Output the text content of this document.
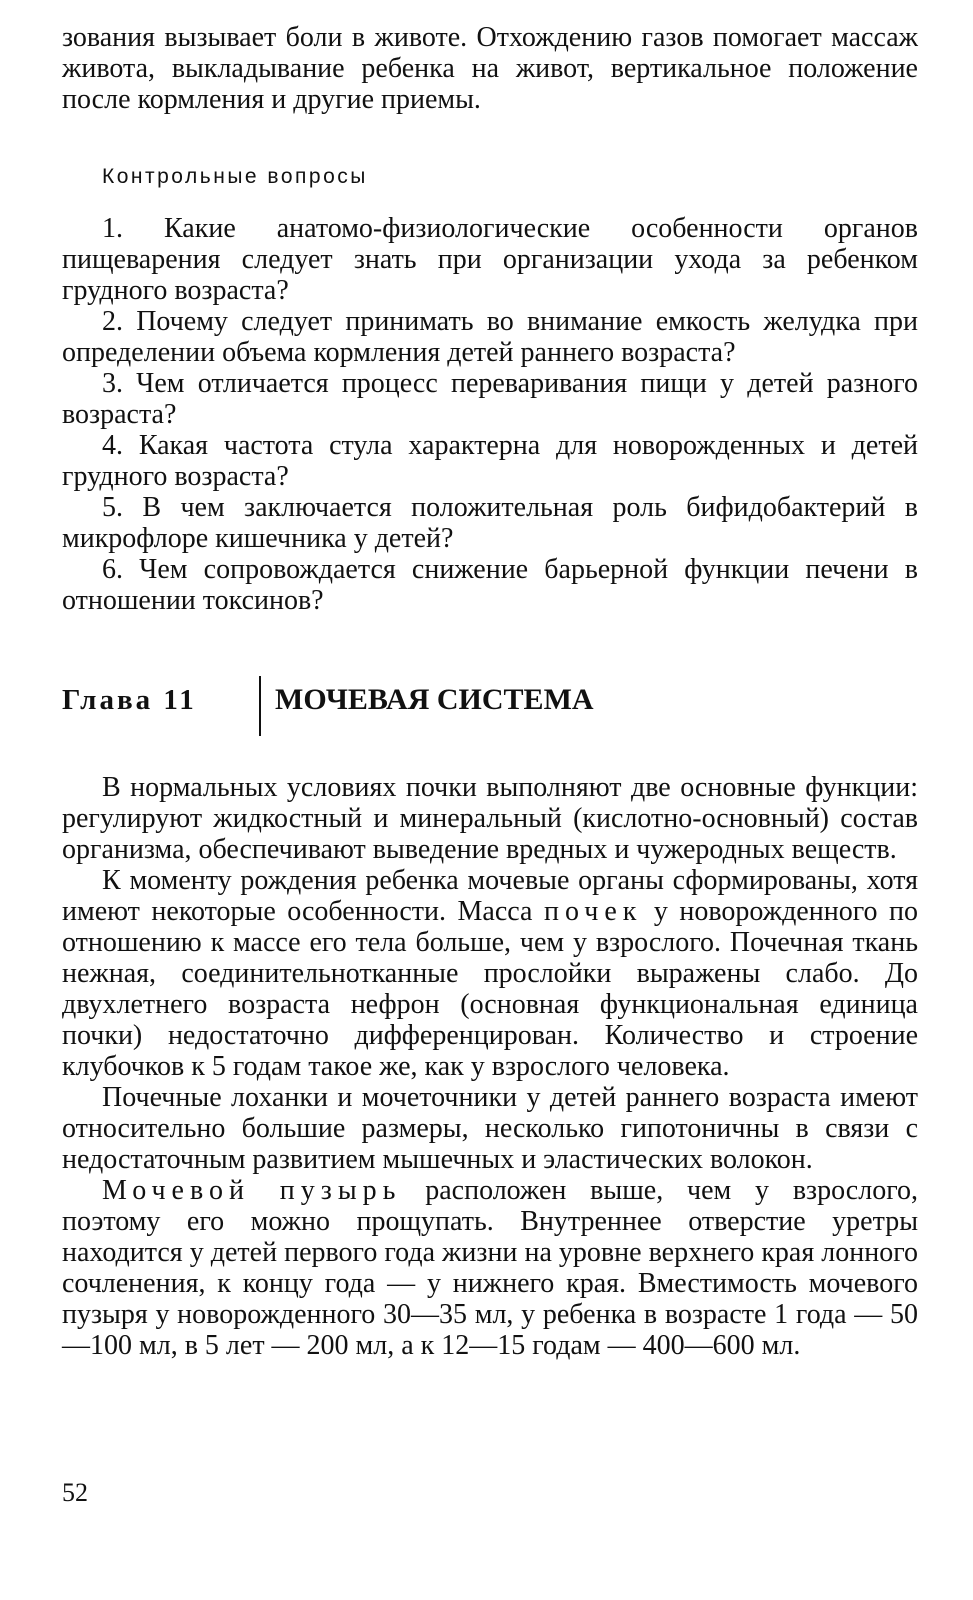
зования вызывает боли в животе. Отхождению газов помогает массаж живота, выкладывание ребенка на живот, вертикальное положение после кормления и другие приемы.

Контрольные вопросы

1. Какие анатомо-физиологические особенности органов пищеварения следует знать при организации ухода за ребенком грудного возраста?

2. Почему следует принимать во внимание емкость желудка при определении объема кормления детей раннего возраста?

3. Чем отличается процесс переваривания пищи у детей разного возраста?

4. Какая частота стула характерна для новорожденных и детей грудного возраста?

5. В чем заключается положительная роль бифидобактерий в микрофлоре кишечника у детей?

6. Чем сопровождается снижение барьерной функции печени в отношении токсинов?

Глава 11	МОЧЕВАЯ СИСТЕМА

В нормальных условиях почки выполняют две основные функции: регулируют жидкостный и минеральный (кислотно-основный) состав организма, обеспечивают выведение вредных и чужеродных веществ.

К моменту рождения ребенка мочевые органы сформированы, хотя имеют некоторые особенности. Масса почек у новорожденного по отношению к массе его тела больше, чем у взрослого. Почечная ткань нежная, соединительнотканные прослойки выражены слабо. До двухлетнего возраста нефрон (основная функциональная единица почки) недостаточно дифференцирован. Количество и строение клубочков к 5 годам такое же, как у взрослого человека.

Почечные лоханки и мочеточники у детей раннего возраста имеют относительно большие размеры, несколько гипотоничны в связи с недостаточным развитием мышечных и эластических волокон.

Мочевой пузырь расположен выше, чем у взрослого, поэтому его можно прощупать. Внутреннее отверстие уретры находится у детей первого года жизни на уровне верхнего края лонного сочленения, к концу года — у нижнего края. Вместимость мочевого пузыря у новорожденного 30—35 мл, у ребенка в возрасте 1 года — 50—100 мл, в 5 лет — 200 мл, а к 12—15 годам — 400—600 мл.

52
